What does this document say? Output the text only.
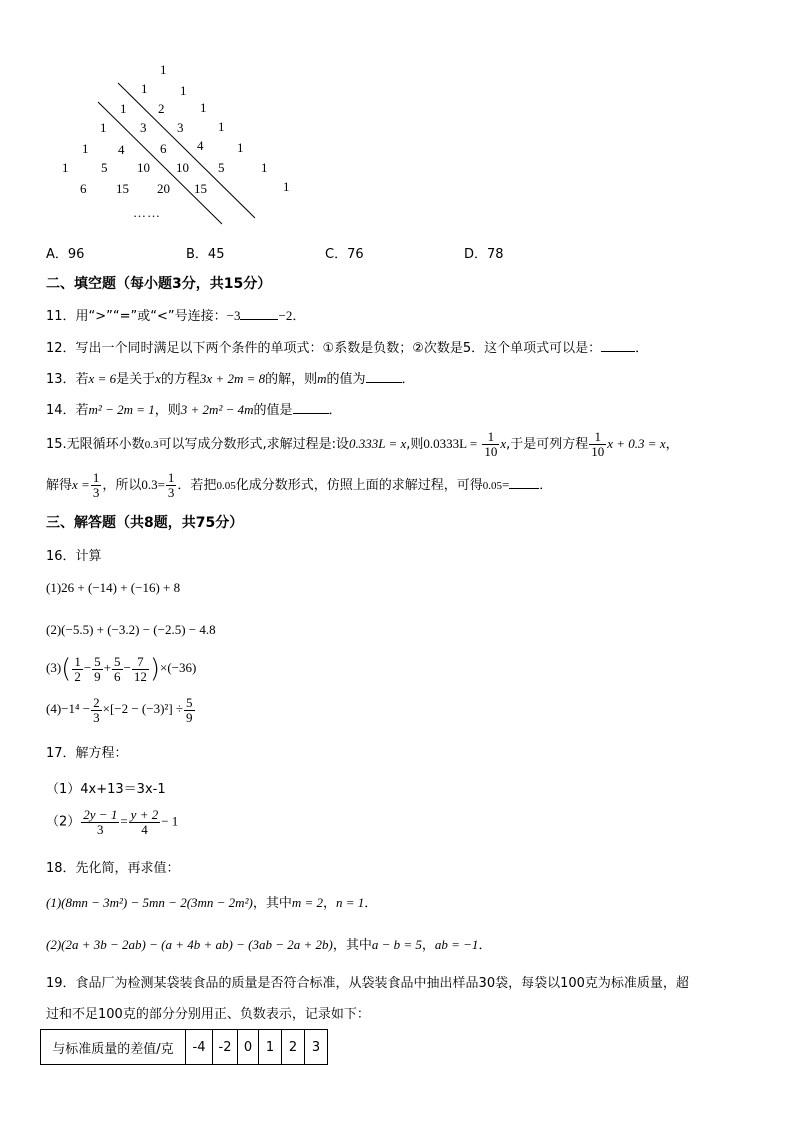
1
1	1
1 2	1
1	3 3	1
1 4	6 4	1
1	5 10 10 5	1
6 15 20 15	1
……
A．96	B．45	C．76	D．78
二、填空题（每小题3分，共15分）
11．用“>”“=”或“<”号连接：−3	−2．
12．写出一个同时满足以下两个条件的单项式：①系数是负数；②次数是5．这个单项式可以是：	．
13．若x = 6是关于x的方程3x + 2m = 8的解，则m的值为	．
14．若m² − 2m = 1，则3 + 2m² − 4m的值是	．
15.无限循环小数0.3可以写成分数形式,求解过程是:设0.333L = x,则$0.0333L = \frac{1}{10} x$,于是可列方程 $\frac{1}{10}$ x + 0.3 = x，
解得$x = \frac{1}{3}$ ，所以$0.3= \frac{1}{3}$ ．若把0.05化成分数形式，仿照上面的求解过程，可得0.05= ．
三、解答题（共8题，共75分）
16．计算
(1)26 + (−14) + (−16) + 8
(2)(−5.5) + (−3.2) − (−2.5) − 4.8
$(3)( \frac{1}{2} - \frac{5}{9} + \frac{5}{6} - \frac{7}{12} )\times(-36)$
$(4)-1^4 - \frac{2}{3} \times[-2 - (-3)^2] \div \frac{5}{9}$
17．解方程：
（1）4x+13＝3x-1
$(2) \frac{2y - 1}{3} = \frac{y + 2}{4} - 1$
18．先化简，再求值：
(1)(8mn − 3m²) − 5mn − 2(3mn − 2m²)，其中m = 2，n = 1．
(2)(2a + 3b − 2ab) − (a + 4b + ab) − (3ab − 2a + 2b)，其中a − b = 5，ab = −1．
19．食品厂为检测某袋装食品的质量是否符合标准，从袋装食品中抽出样品30袋，每袋以100克为标准质量，超
过和不足100克的部分分别用正、负数表示，记录如下：
与标准质量的差值/克	-4	-2	0	1	2	3
